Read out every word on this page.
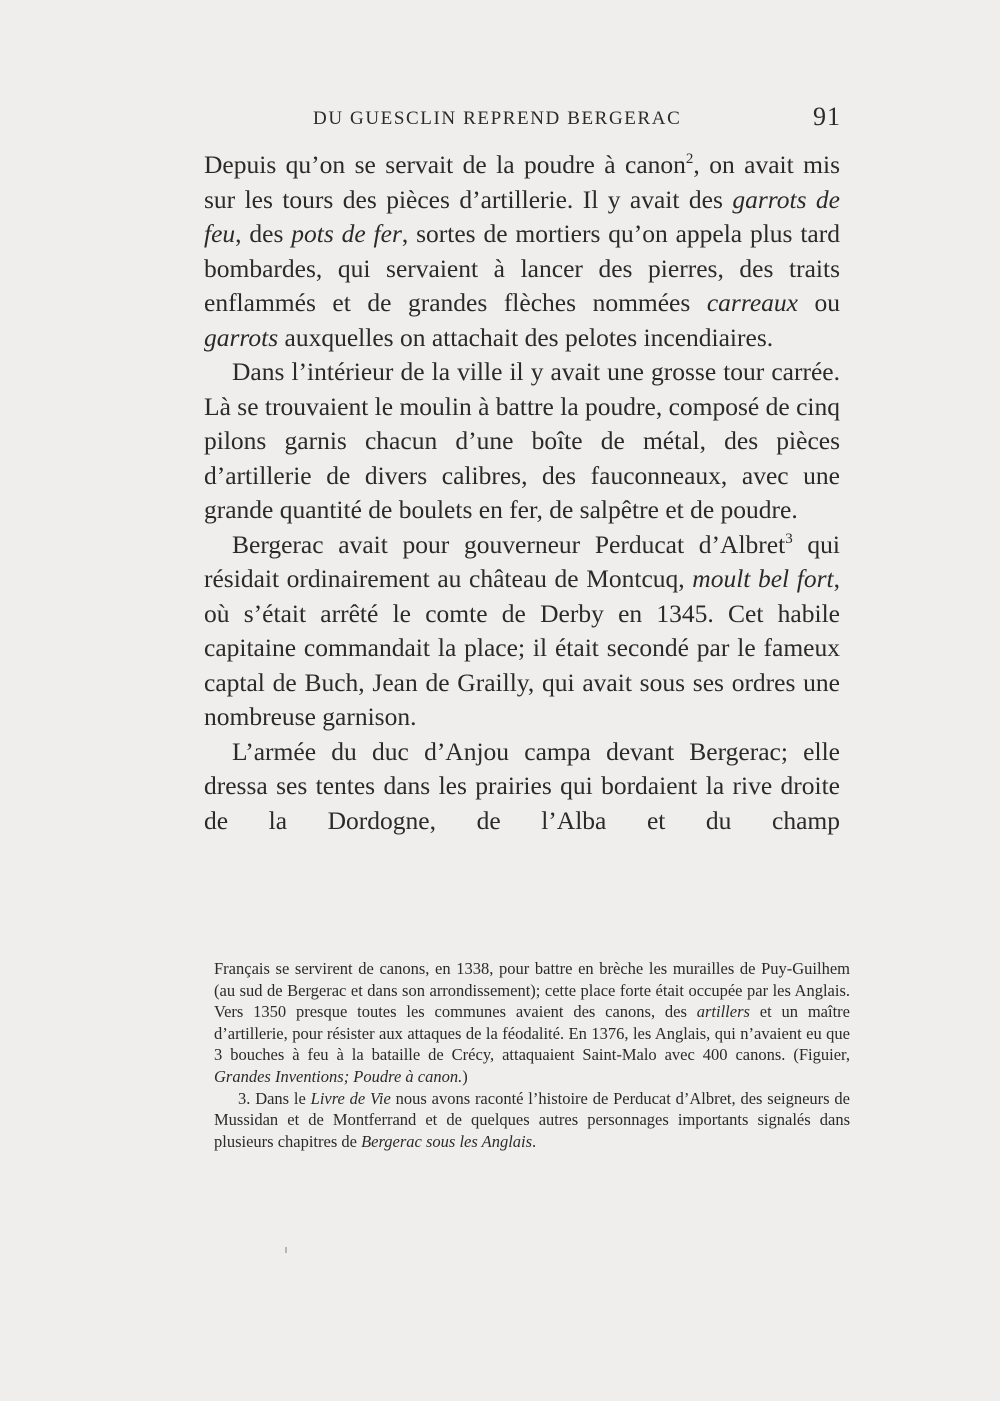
DU GUESCLIN REPREND BERGERAC	91

Depuis qu’on se servait de la poudre à canon$^2$, on avait mis sur les tours des pièces d’artillerie. Il y avait des garrots de feu, des pots de fer, sortes de mortiers qu’on appela plus tard bombardes, qui servaient à lancer des pierres, des traits enflammés et de grandes flèches nommées carreaux ou garrots auxquelles on attachait des pelotes incendiaires.

Dans l’intérieur de la ville il y avait une grosse tour carrée. Là se trouvaient le moulin à battre la poudre, composé de cinq pilons garnis chacun d’une boîte de métal, des pièces d’artillerie de divers calibres, des fauconneaux, avec une grande quantité de boulets en fer, de salpêtre et de poudre.

Bergerac avait pour gouverneur Perducat d’Albret$^3$ qui résidait ordinairement au château de Montcuq, moult bel fort, où s’était arrêté le comte de Derby en 1345. Cet habile capitaine commandait la place; il était secondé par le fameux captal de Buch, Jean de Grailly, qui avait sous ses ordres une nombreuse garnison.

L’armée du duc d’Anjou campa devant Bergerac; elle dressa ses tentes dans les prairies qui bordaient la rive droite de la Dordogne, de l’Alba et du champ

Français se servirent de canons, en 1338, pour battre en brèche les murailles de Puy-Guilhem (au sud de Bergerac et dans son arrondissement); cette place forte était occupée par les Anglais. Vers 1350 presque toutes les communes avaient des canons, des artillers et un maître d’artillerie, pour résister aux attaques de la féodalité. En 1376, les Anglais, qui n’avaient eu que 3 bouches à feu à la bataille de Crécy, attaquaient Saint-Malo avec 400 canons. (Figuier, Grandes Inventions; Poudre à canon.)

3. Dans le Livre de Vie nous avons raconté l’histoire de Perducat d’Albret, des seigneurs de Mussidan et de Montferrand et de quelques autres personnages importants signalés dans plusieurs chapitres de Bergerac sous les Anglais.
